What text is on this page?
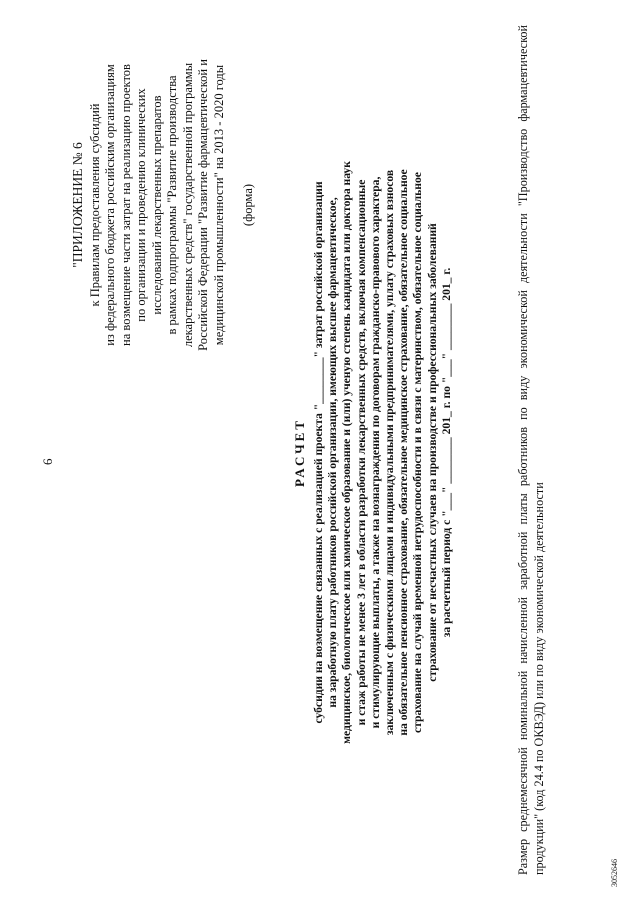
6
"ПРИЛОЖЕНИЕ № 6 к Правилам предоставления субсидий из федерального бюджета российским организациям на возмещение части затрат на реализацию проектов по организации и проведению клинических исследований лекарственных препаратов в рамках подпрограммы "Развитие производства лекарственных средств" государственной программы Российской Федерации "Развитие фармацевтической и медицинской промышленности" на 2013 - 2020 годы (форма)
РАСЧЕТ субсидии на возмещение связанных с реализацией проекта "________" затрат российской организации на заработную плату работников российской организации, имеющих высшее фармацевтическое, медицинское, биологическое или химическое образование и (или) ученую степень кандидата или доктора наук и стаж работы не менее 3 лет в области разработки лекарственных средств, включая компенсационные и стимулирующие выплаты, а также на вознаграждения по договорам гражданско-правового характера, заключенным с физическими лицами и индивидуальными предпринимателями, уплату страховых взносов на обязательное пенсионное страхование, обязательное медицинское страхование, обязательное социальное страхование на случай временной нетрудоспособности и в связи с материнством, обязательное социальное страхование от несчастных случаев на производстве и профессиональных заболеваний за расчетный период с "___" ________ 201_ г. по "___" ________ 201_ г.	Размер среднемесячной номинальной начисленной заработной платы работников по виду экономической деятельности "Производство фармацевтической продукции" (код 24.4 по ОКВЭД) или по виду экономической деятельности	3052646
